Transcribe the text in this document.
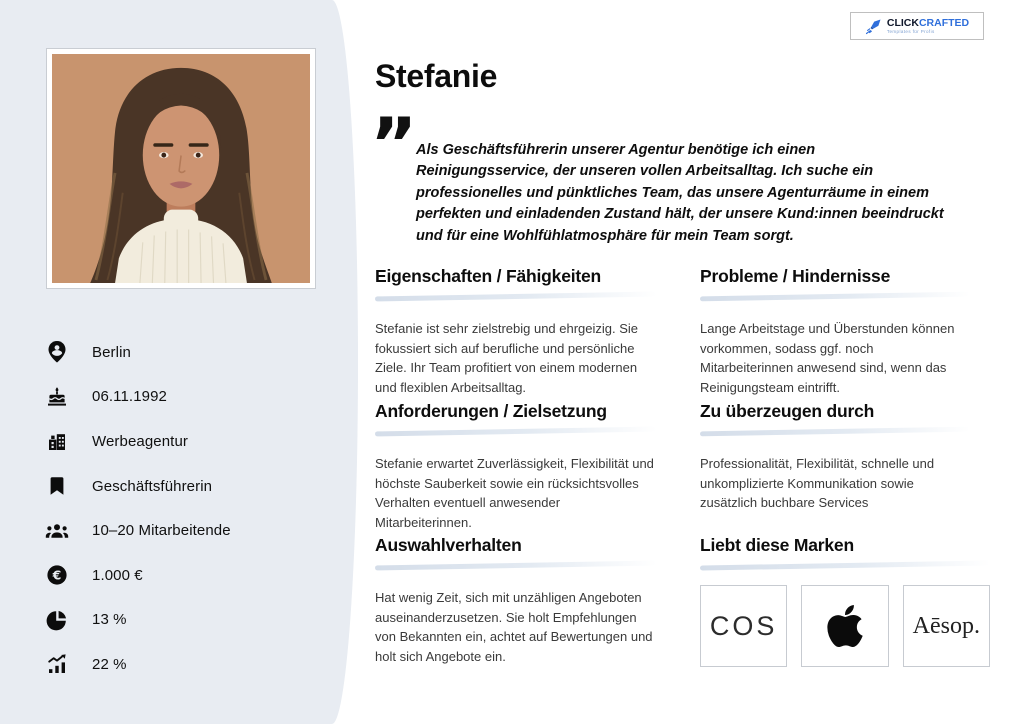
Berlin
06.11.1992
Werbeagentur
Geschäftsführerin
10–20 Mitarbeitende
€ 1.000 €
13 %
22 %
CLICKCRAFTED
Templates für Profis
Stefanie
”

Als Geschäftsführerin unserer Agentur benötige ich einen Reinigungsservice, der unseren vollen Arbeitsalltag. Ich suche ein professionelles und pünktliches Team, das unsere Agenturräume in einem perfekten und einladenden Zustand hält, der unsere Kund:innen beeindruckt und für eine Wohlfühlatmosphäre für mein Team sorgt.

Eigenschaften / Fähigkeiten
Stefanie ist sehr zielstrebig und ehrgeizig. Sie fokussiert sich auf berufliche und persönliche Ziele. Ihr Team profitiert von einem modernen und flexiblen Arbeitsalltag.
Probleme / Hindernisse
Lange Arbeitstage und Überstunden können vorkommen, sodass ggf. noch Mitarbeiterinnen anwesend sind, wenn das Reinigungsteam eintrifft.
Anforderungen / Zielsetzung
Stefanie erwartet Zuverlässigkeit, Flexibilität und höchste Sauberkeit sowie ein rücksichtsvolles Verhalten eventuell anwesender Mitarbeiterinnen.
Zu überzeugen durch
Professionalität, Flexibilität, schnelle und unkomplizierte Kommunikation sowie zusätzlich buchbare Services
Auswahlverhalten
Hat wenig Zeit, sich mit unzähligen Angeboten auseinanderzusetzen. Sie holt Empfehlungen von Bekannten ein, achtet auf Bewertungen und holt sich Angebote ein.
Liebt diese Marken
COS	Aēsop.
